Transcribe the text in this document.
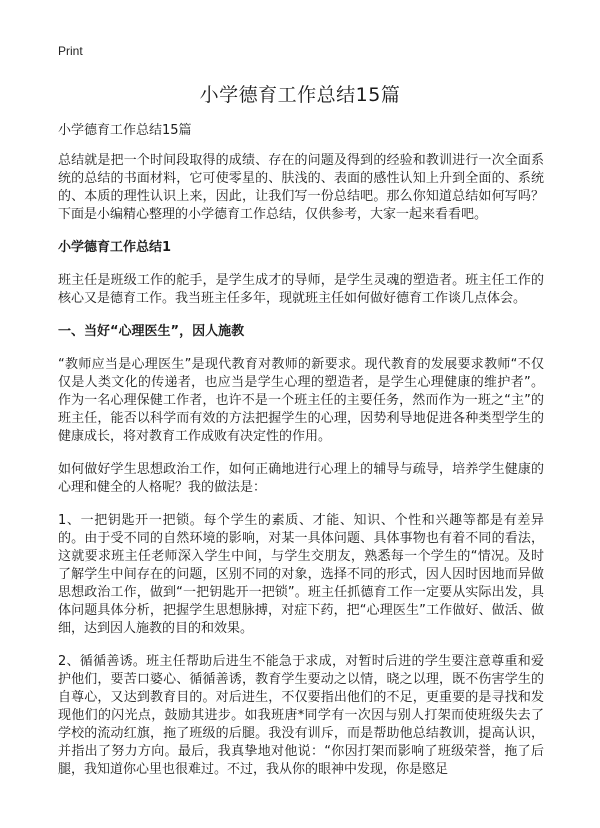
Print
小学德育工作总结15篇
小学德育工作总结15篇

总结就是把一个时间段取得的成绩、存在的问题及得到的经验和教训进行一次全面系统的总结的书面材料，它可使零星的、肤浅的、表面的感性认知上升到全面的、系统的、本质的理性认识上来，因此，让我们写一份总结吧。那么你知道总结如何写吗？下面是小编精心整理的小学德育工作总结，仅供参考，大家一起来看看吧。

小学德育工作总结1

班主任是班级工作的舵手，是学生成才的导师，是学生灵魂的塑造者。班主任工作的核心又是德育工作。我当班主任多年，现就班主任如何做好德育工作谈几点体会。

一、当好“心理医生”，因人施教

“教师应当是心理医生”是现代教育对教师的新要求。现代教育的发展要求教师“不仅仅是人类文化的传递者，也应当是学生心理的塑造者，是学生心理健康的维护者”。作为一名心理保健工作者，也许不是一个班主任的主要任务，然而作为一班之“主”的班主任，能否以科学而有效的方法把握学生的心理，因势利导地促进各种类型学生的健康成长，将对教育工作成败有决定性的作用。

如何做好学生思想政治工作，如何正确地进行心理上的辅导与疏导，培养学生健康的心理和健全的人格呢？我的做法是：

1、一把钥匙开一把锁。每个学生的素质、才能、知识、个性和兴趣等都是有差异的。由于受不同的自然环境的影响，对某一具体问题、具体事物也有着不同的看法，这就要求班主任老师深入学生中间，与学生交朋友，熟悉每一个学生的“情况。及时了解学生中间存在的问题，区别不同的对象，选择不同的形式，因人因时因地而异做思想政治工作，做到“一把钥匙开一把锁”。班主任抓德育工作一定要从实际出发，具体问题具体分析，把握学生思想脉搏，对症下药，把“心理医生”工作做好、做活、做细，达到因人施教的目的和效果。

2、循循善诱。班主任帮助后进生不能急于求成，对暂时后进的学生要注意尊重和爱护他们，要苦口婆心、循循善诱，教育学生要动之以情，晓之以理，既不伤害学生的自尊心，又达到教育目的。对后进生，不仅要指出他们的不足，更重要的是寻找和发现他们的闪光点，鼓励其进步。如我班唐*同学有一次因与别人打架而使班级失去了学校的流动红旗，拖了班级的后腿。我没有训斥，而是帮助他总结教训，提高认识，并指出了努力方向。最后，我真挚地对他说：“你因打架而影响了班级荣誉，拖了后腿，我知道你心里也很难过。不过，我从你的眼神中发现，你是愍足
